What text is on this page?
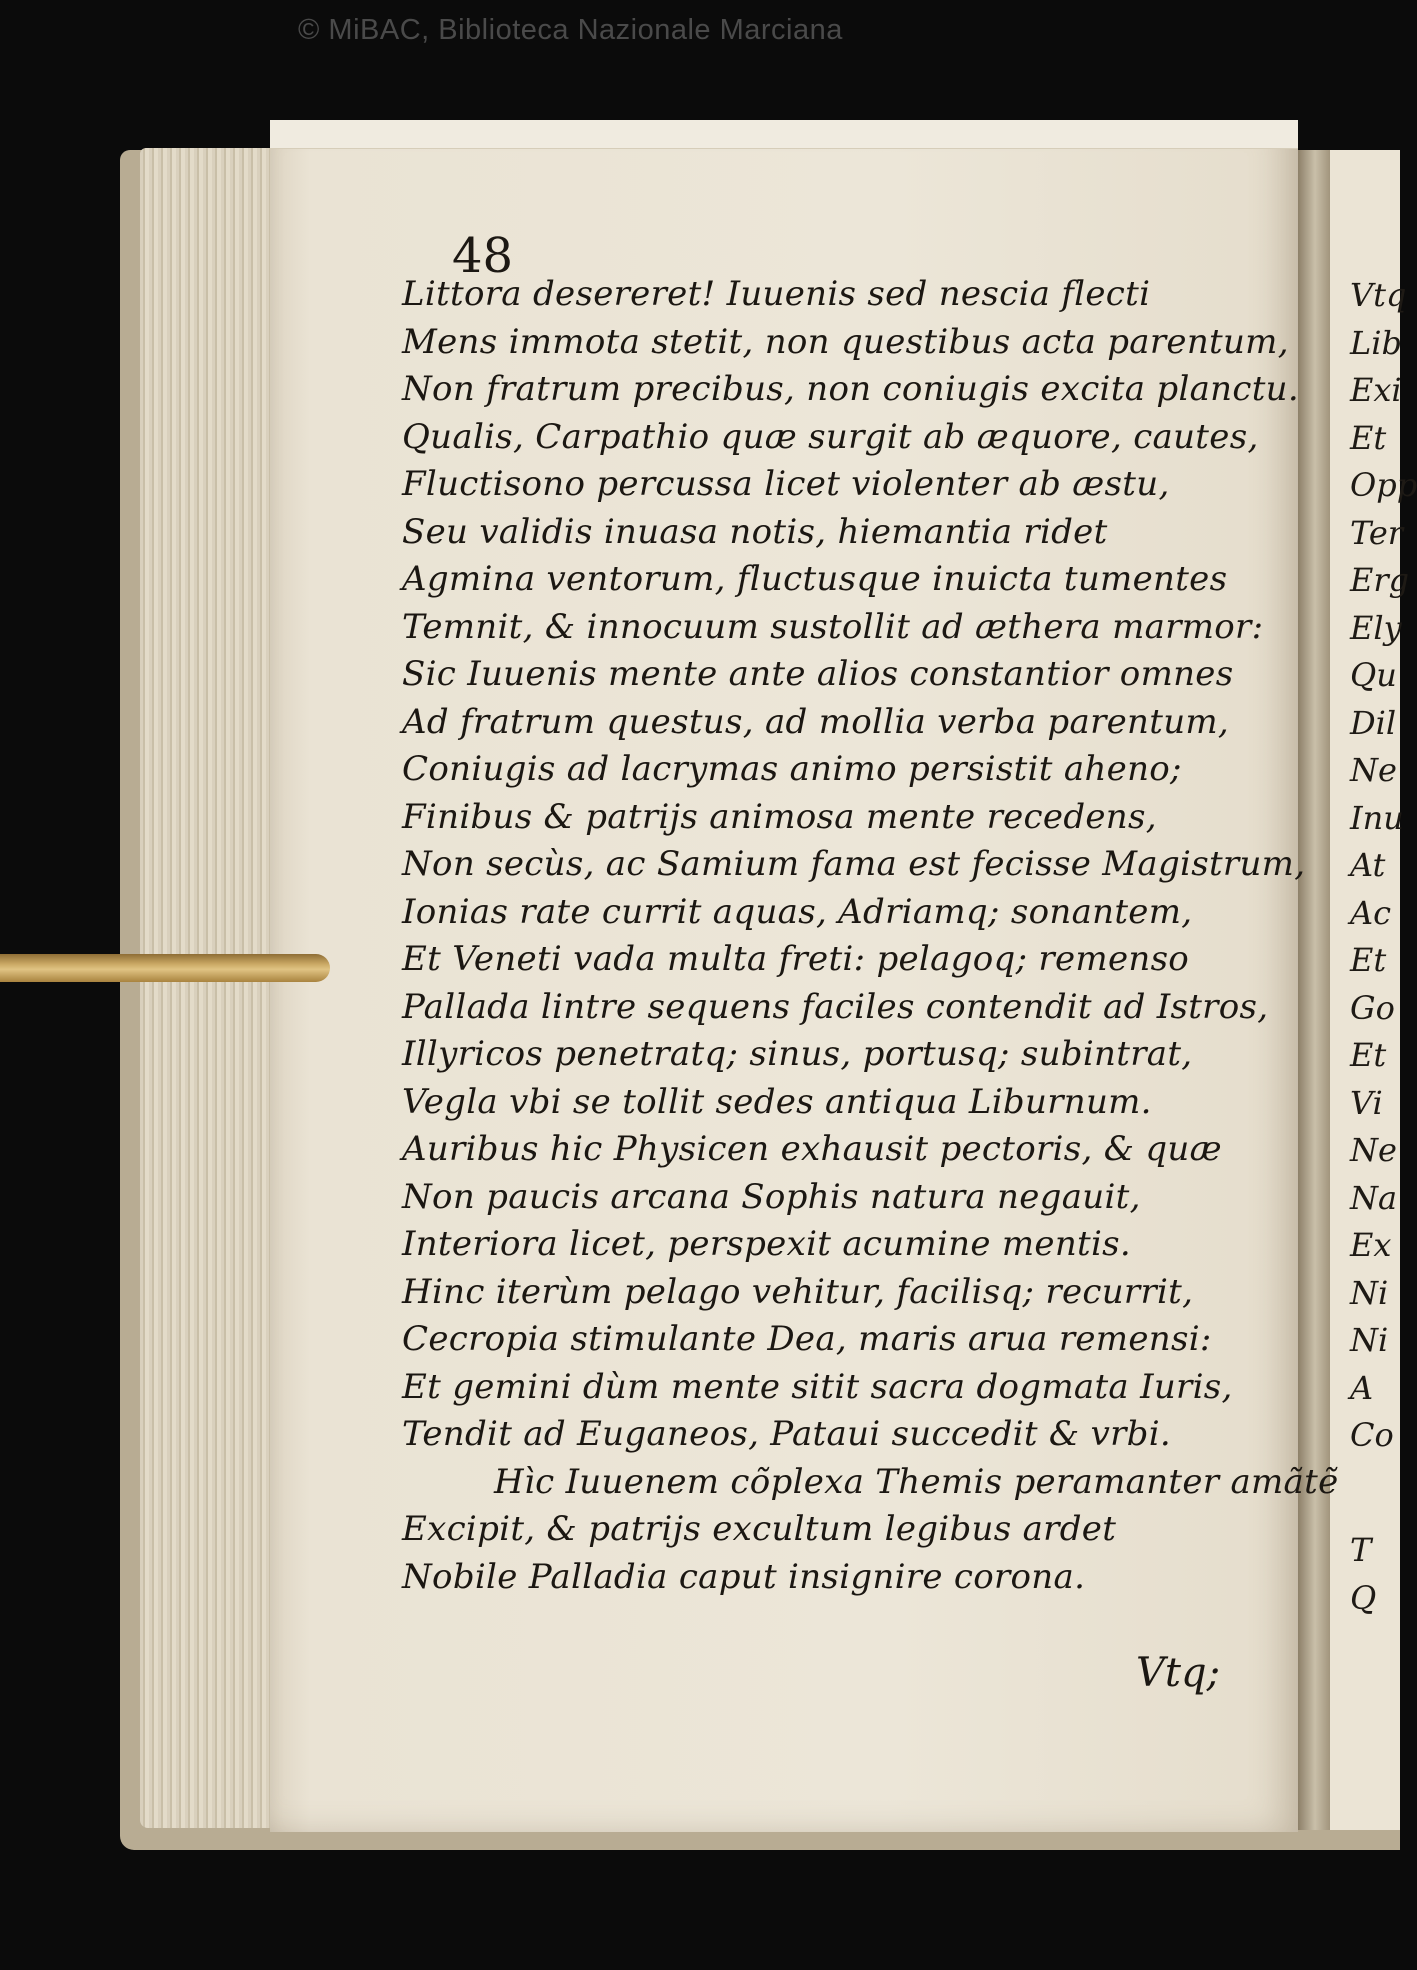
© MiBAC, Biblioteca Nazionale Marciana
Vtq
Lib
Exi
Et
Opp
Ter
Erg
Ely
Qu
Dil
Ne
Inu
At
Ac
Et
Go
Et
Vi
Ne
Na
Ex
Ni
Ni
A
Co
T
Q
48
Littora desereret! Iuuenis sed nescia flecti
Mens immota stetit, non questibus acta parentum,
Non fratrum precibus, non coniugis excita planctu.
Qualis, Carpathio quæ surgit ab æquore, cautes,
Fluctisono percussa licet violenter ab æstu,
Seu validis inuasa notis, hiemantia ridet
Agmina ventorum, fluctusque inuicta tumentes
Temnit, & innocuum sustollit ad æthera marmor:
Sic Iuuenis mente ante alios constantior omnes
Ad fratrum questus, ad mollia verba parentum,
Coniugis ad lacrymas animo persistit aheno;
Finibus & patrijs animosa mente recedens,
Non secùs, ac Samium fama est fecisse Magistrum,
Ionias rate currit aquas, Adriamq; sonantem,
Et Veneti vada multa freti: pelagoq; remenso
Pallada lintre sequens faciles contendit ad Istros,
Illyricos penetratq; sinus, portusq; subintrat,
Vegla vbi se tollit sedes antiqua Liburnum.
Auribus hic Physicen exhausit pectoris, & quæ
Non paucis arcana Sophis natura negauit,
Interiora licet, perspexit acumine mentis.
Hinc iterùm pelago vehitur, facilisq; recurrit,
Cecropia stimulante Dea, maris arua remensi:
Et gemini dùm mente sitit sacra dogmata Iuris,
Tendit ad Euganeos, Pataui succedit & vrbi.
Hìc Iuuenem cõplexa Themis peramanter amãtẽ
Excipit, & patrijs excultum legibus ardet
Nobile Palladia caput insignire corona.
Vtq;
